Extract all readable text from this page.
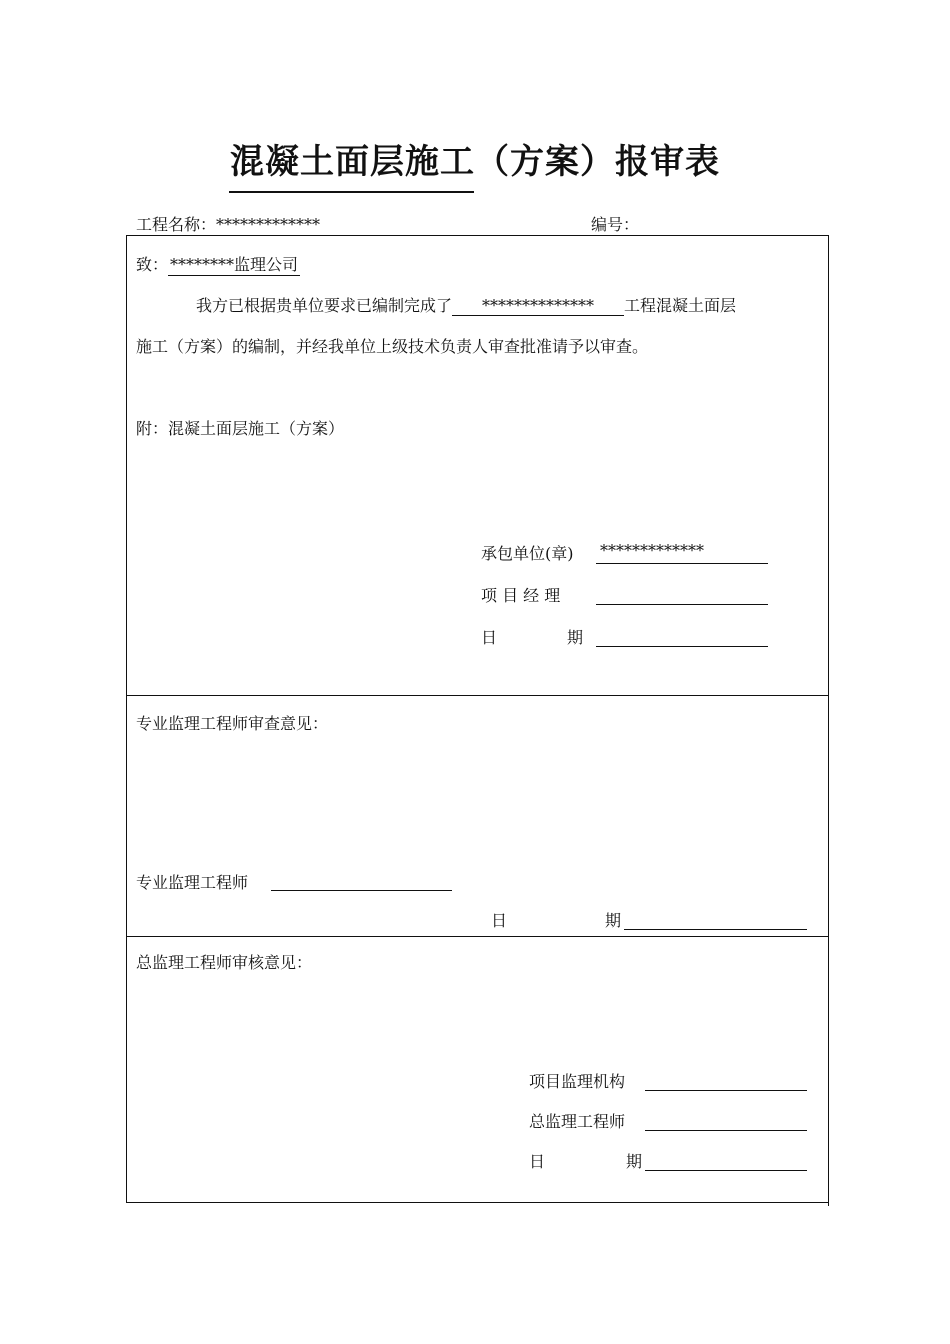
混凝土面层施工（方案）报审表
工程名称：*************	编号：
致： ********监理公司
我方已根据贵单位要求已编制完成了 ************** 工程混凝土面层
施工（方案）的编制，并经我单位上级技术负责人审查批准请予以审查。
附：混凝土面层施工（方案）
承包单位(章) *************
项 目 经 理
日	期
专业监理工程师审查意见：
专业监理工程师
日	期
总监理工程师审核意见：
项目监理机构
总监理工程师
日	期
